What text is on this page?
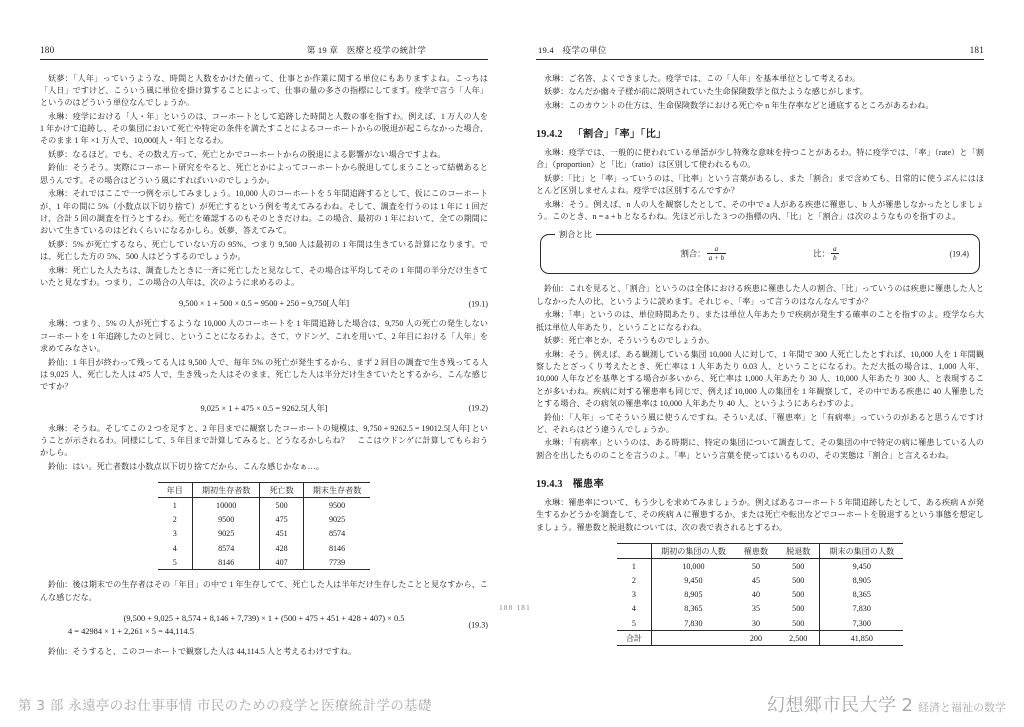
180	第 19 章　医療と疫学の統計学

妖夢：「人年」っていうような、時間と人数をかけた値って、仕事とか作業に関する単位にもありますよね。こっちは「人日」ですけど、こういう風に単位を掛け算することによって、仕事の量の多さの指標にしてます。疫学で言う「人年」というのはどういう単位なんでしょうか。

永琳：疫学における「人・年」というのは、コーホートとして追跡した時間と人数の事を指すわ。例えば、1 万人の人を 1 年かけて追跡し、その集団において死亡や特定の条件を満たすことによるコーホートからの脱退が起こらなかった場合、そのまま 1 年 ×1 万人で、10,000[人・年] となるわ。

妖夢：なるほど。でも、その数え方って、死亡とかでコーホートからの脱退による影響がない場合ですよね。

鈴仙：そうそう。実際にコーホート研究をやると、死亡とかによってコーホートから脱退してしまうことって結構あると思うんです。その場合はどういう風にすればいいのでしょうか。

永琳：それではここで一つ例を示してみましょう。10,000 人のコーホートを 5 年間追跡するとして、仮にこのコーホートが、1 年の間に 5%（小数点以下切り捨て）が死亡するという例を考えてみるわね。そして、調査を行うのは 1 年に 1 回だけ、合計 5 回の調査を行うとするわ。死亡を確認するのもそのときだけね。この場合、最初の 1 年において、全ての期間において生きているのはどれくらいになるかしら。妖夢、答えてみて。

妖夢：5% が死亡するなら、死亡していない方の 95%、つまり 9,500 人は最初の 1 年間は生きている計算になります。では、死亡した方の 5%、500 人はどうするのでしょうか。

永琳：死亡した人たちは、調査したときに一斉に死亡したと見なして、その場合は平均してその 1 年間の半分だけ生きていたと見なすわ。つまり、この場合の人年は、次のように求めるのよ。

9,500 × 1 + 500 × 0.5 = 9500 + 250 = 9,750[人年]	(19.1)

永琳：つまり、5% の人が死亡するような 10,000 人のコーホートを 1 年間追跡した場合は、9,750 人の死亡の発生しないコーホートを 1 年追跡したのと同じ、ということになるわよ。さて、ウドンゲ、これを用いて、2 年目における「人年」を求めてみなさい。

鈴仙：1 年目が終わって残ってる人は 9,500 人で、毎年 5% の死亡が発生するから、まず 2 回目の調査で生き残ってる人は 9,025 人、死亡した人は 475 人で、生き残った人はそのまま、死亡した人は半分だけ生きていたとするから、こんな感じですか？

9,025 × 1 + 475 × 0.5 = 9262.5[人年]	(19.2)

永琳：そうね。そしてこの 2 つを足すと、2 年目までに観察したコーホートの規模は、9,750 + 9262.5 = 19012.5[人年] ということが示されるわ。同様にして、5 年目まで計算してみると、どうなるかしらね？　ここはウドンゲに計算してもらおうかしら。

鈴仙：はい。死亡者数は小数点以下切り捨てだから、こんな感じかなぁ…。

年目	期初生存者数	死亡数	期末生存者数
1	10000	500	9500
2	9500	475	9025
3	9025	451	8574
4	8574	428	8146
5	8146	407	7739

鈴仙：後は期末での生存者はその「年目」の中で 1 年生存してて、死亡した人は半年だけ生存したことと見なすから、こんな感じだな。

(9,500 + 9,025 + 8,574 + 8,146 + 7,739) × 1 + (500 + 475 + 451 + 428 + 407) × 0.5
4 = 42984 × 1 + 2,261 × 5 = 44,114.5
(19.3)

鈴仙：そうすると、このコーホートで観察した人は 44,114.5 人と考えるわけですね。

19.4　疫学の単位	181

永琳：ご名答、よくできました。疫学では、この「人年」を基本単位として考えるわ。

妖夢：なんだか幽々子様が前に説明されていた生命保険数学と似たような感じがします。

永琳：このカウントの仕方は、生命保険数学における死亡や n 年生存率などと通底するところがあるわね。

19.4.2 「割合」「率」「比」

永琳：疫学では、一般的に使われている単語が少し特殊な意味を持つことがあるわ。特に疫学では、「率」（rate）と「割合」（proportion）と「比」（ratio）は区別して使われるもの。

妖夢：「比」と「率」っていうのは、「比率」という言葉があるし、また「割合」まで含めても、日常的に使うぶんにはほとんど区別しませんよね。疫学では区別するんですか？

永琳：そう。例えば、n 人の人を観察したとして、その中で a 人がある疾患に罹患し、b 人が罹患しなかったとしましょう。このとき、n = a + b となるわね。先ほど示した 3 つの指標の内、「比」と「割合」は次のようなものを指すのよ。

割合と比
割合： $\frac{a}{a + b}$	比： $\frac{a}{b}$	(19.4)

鈴仙：これを見ると、「割合」というのは全体における疾患に罹患した人の割合、「比」っていうのは疾患に罹患した人としなかった人の比、というように読めます。それじゃ、「率」って言うのはなんなんですか？

永琳：「率」というのは、単位時間あたり、または単位人年あたりで疾病が発生する確率のことを指すのよ。疫学なら大抵は単位人年あたり、ということになるわね。

妖夢：死亡率とか、そういうものでしょうか。

永琳：そう。例えば、ある観測している集団 10,000 人に対して、1 年間で 300 人死亡したとすれば、10,000 人を 1 年間観察したとざっくり考えたとき、死亡率は 1 人年あたり 0.03 人、ということになるわ。ただ大抵の場合は、1,000 人年、10,000 人年などを基準とする場合が多いから、死亡率は 1,000 人年あたり 30 人、10,000 人年あたり 300 人、と表現することが多いわね。疾病に対する罹患率も同じで、例えば 10,000 人の集団を 1 年観察して、その中である疾患に 40 人罹患したとする場合、その病気の罹患率は 10,000 人年あたり 40 人、というようにあらわすのよ。

鈴仙：「人年」ってそういう風に使うんですね。そういえば、「罹患率」と「有病率」っていうのがあると思うんですけど、それらはどう違うんでしょうか。

永琳：「有病率」というのは、ある時期に、特定の集団について調査して、その集団の中で特定の病に罹患している人の割合を出したもののことを言うのよ。「率」という言葉を使ってはいるものの、その実態は「割合」と言えるわね。

19.4.3 罹患率

永琳：罹患率について、もう少しを求めてみましょうか。例えばあるコーホート 5 年間追跡したとして、ある疾病 A が発生するかどうかを調査して、その疾病 A に罹患するか、または死亡や転出などでコーホートを脱退するという事態を想定しましょう。罹患数と脱退数については、次の表で表されるとするわ。

	期初の集団の人数	罹患数	脱退数	期末の集団の人数
1	10,000	50	500	9,450
2	9,450	45	500	8,905
3	8,905	40	500	8,365
4	8,365	35	500	7,830
5	7,830	30	500	7,300
合計		200	2,500	41,850
180 181
第 3 部 永遠亭のお仕事事情 市民のための疫学と医療統計学の基礎	幻想郷市民大学 2 経済と福祉の数学
